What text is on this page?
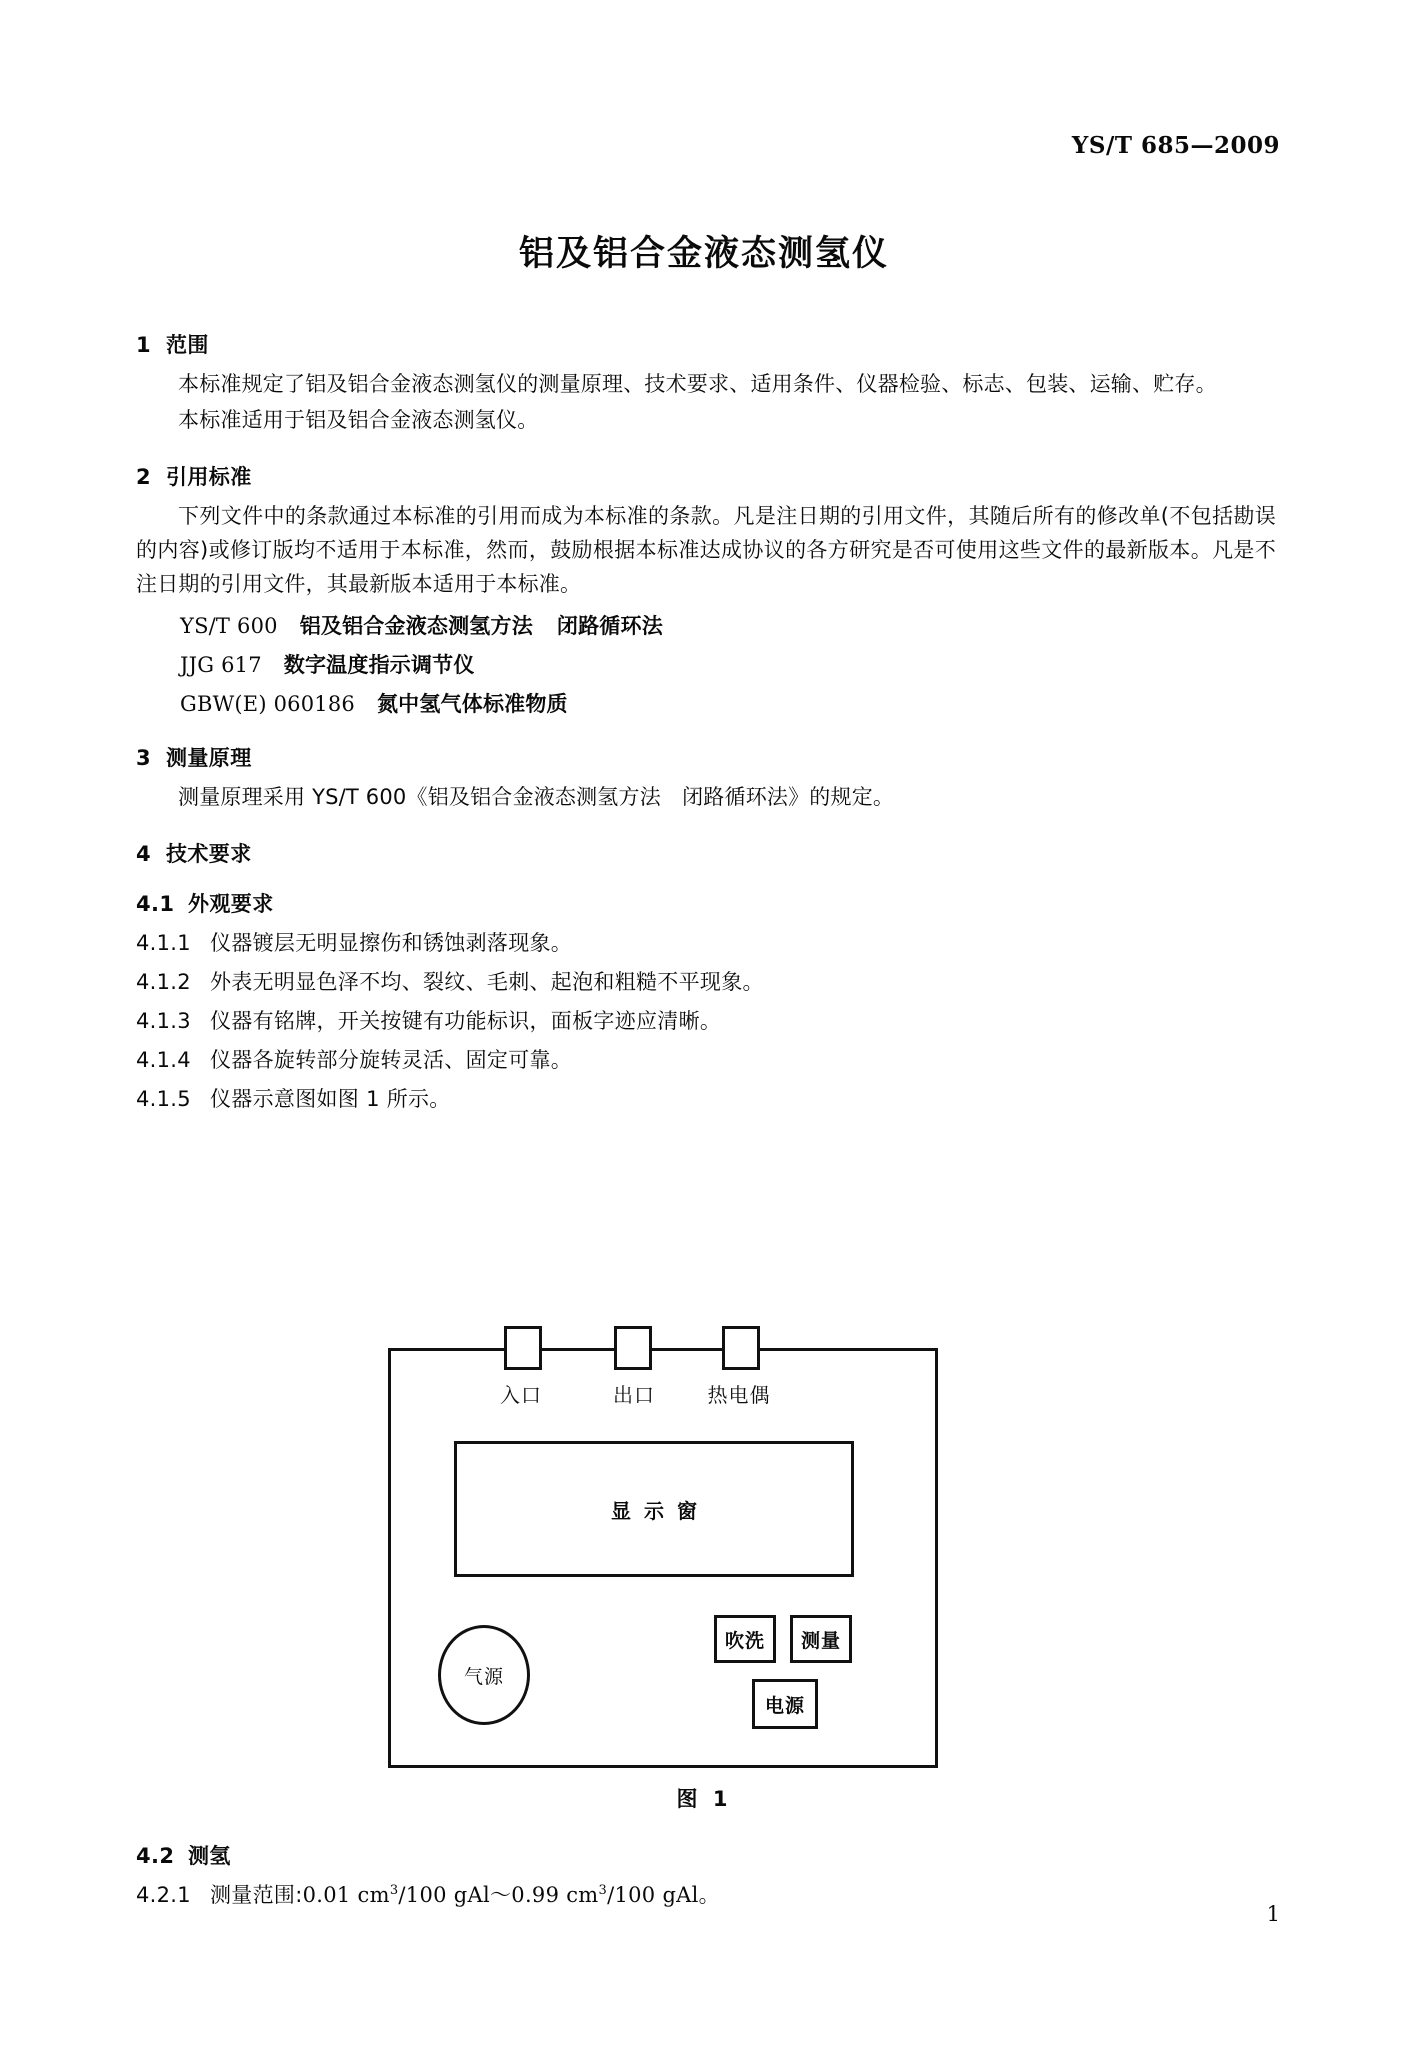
YS/T 685—2009
铝及铝合金液态测氢仪
1 范围

本标准规定了铝及铝合金液态测氢仪的测量原理、技术要求、适用条件、仪器检验、标志、包装、运输、贮存。

本标准适用于铝及铝合金液态测氢仪。

2 引用标准

下列文件中的条款通过本标准的引用而成为本标准的条款。凡是注日期的引用文件，其随后所有的修改单(不包括勘误的内容)或修订版均不适用于本标准，然而，鼓励根据本标准达成协议的各方研究是否可使用这些文件的最新版本。凡是不注日期的引用文件，其最新版本适用于本标准。

YS/T 600 铝及铝合金液态测氢方法 闭路循环法
JJG 617 数字温度指示调节仪
GBW(E) 060186 氮中氢气体标准物质
3 测量原理

测量原理采用 YS/T 600《铝及铝合金液态测氢方法　闭路循环法》的规定。

4 技术要求
4.1 外观要求
4.1.1 仪器镀层无明显擦伤和锈蚀剥落现象。
4.1.2 外表无明显色泽不均、裂纹、毛刺、起泡和粗糙不平现象。
4.1.3 仪器有铭牌，开关按键有功能标识，面板字迹应清晰。
4.1.4 仪器各旋转部分旋转灵活、固定可靠。
4.1.5 仪器示意图如图 1 所示。
入口	出口	热电偶
显示窗
气源
吹洗	测量
电源
图 1
4.2 测氢
4.2.1 测量范围:0.01 $cm^3/100$ gAl～0.99 $cm^3/100$ gAl。
1
